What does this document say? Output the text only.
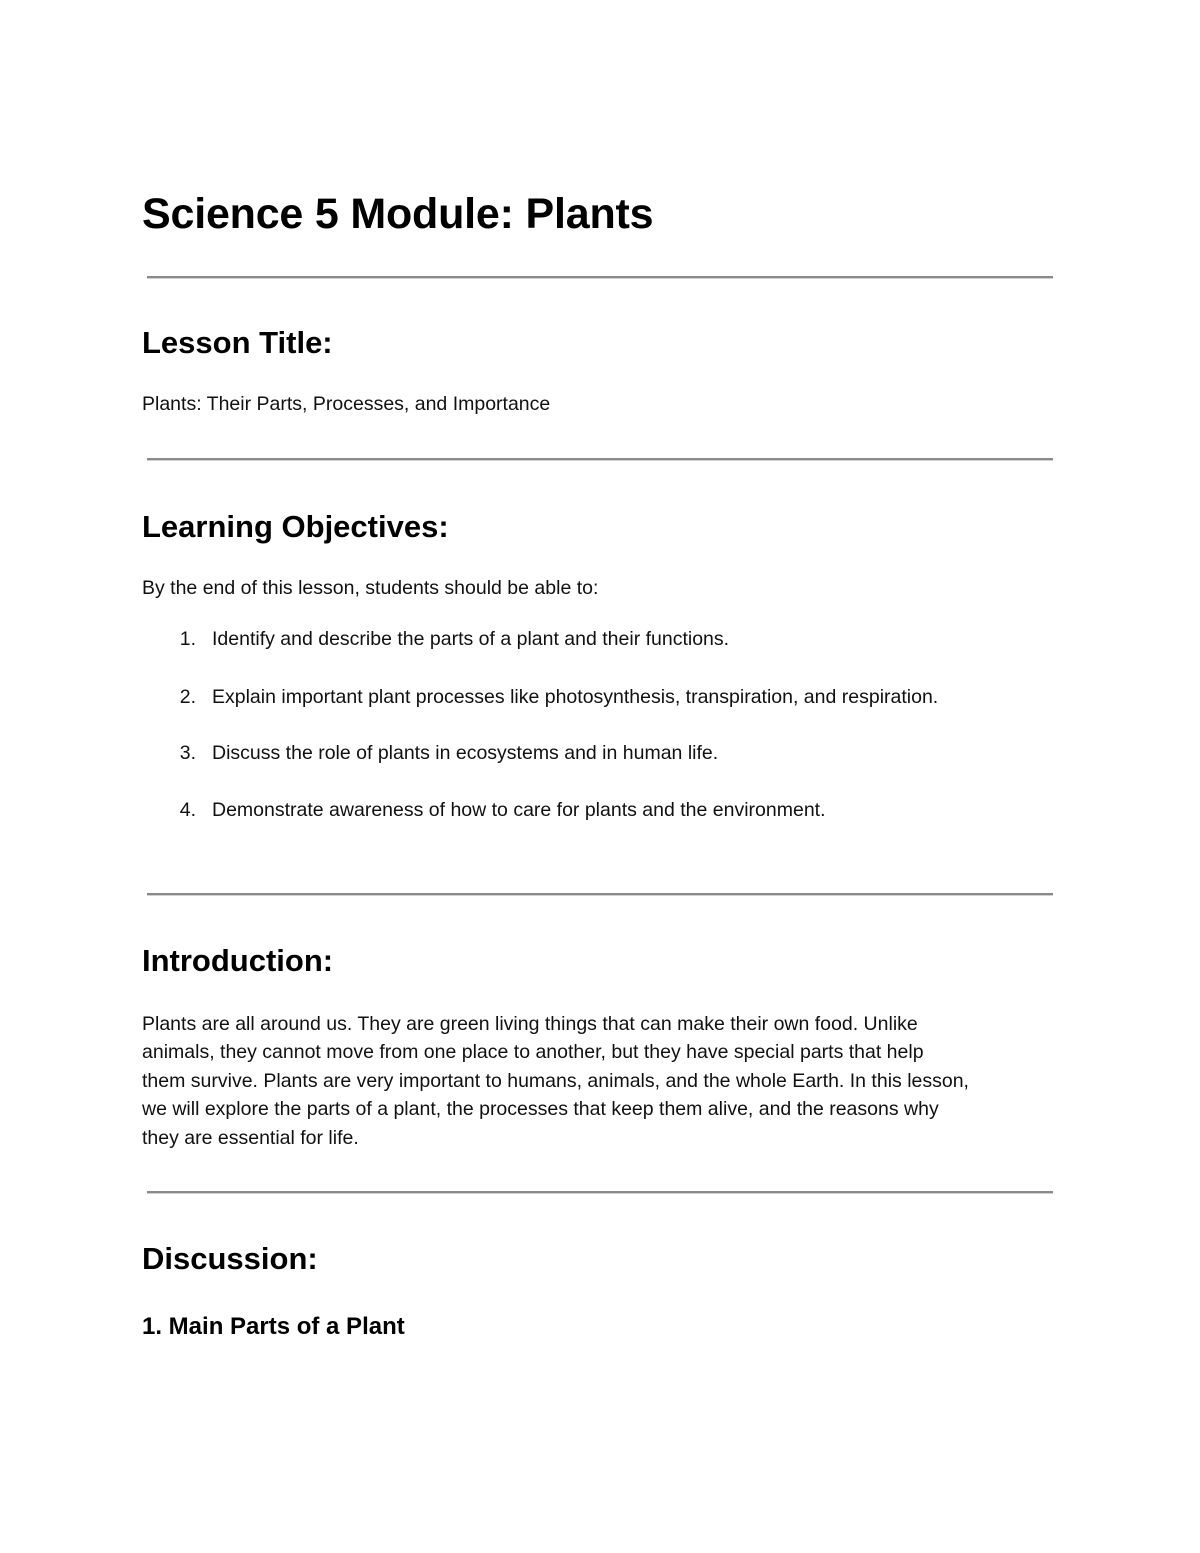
Science 5 Module: Plants
Lesson Title:

Plants: Their Parts, Processes, and Importance

Learning Objectives:

By the end of this lesson, students should be able to:

1. Identify and describe the parts of a plant and their functions.
2. Explain important plant processes like photosynthesis, transpiration, and respiration.
3. Discuss the role of plants in ecosystems and in human life.
4. Demonstrate awareness of how to care for plants and the environment.
Introduction:
Plants are all around us. They are green living things that can make their own food. Unlike
animals, they cannot move from one place to another, but they have special parts that help
them survive. Plants are very important to humans, animals, and the whole Earth. In this lesson,
we will explore the parts of a plant, the processes that keep them alive, and the reasons why
they are essential for life.
Discussion:
1. Main Parts of a Plant
